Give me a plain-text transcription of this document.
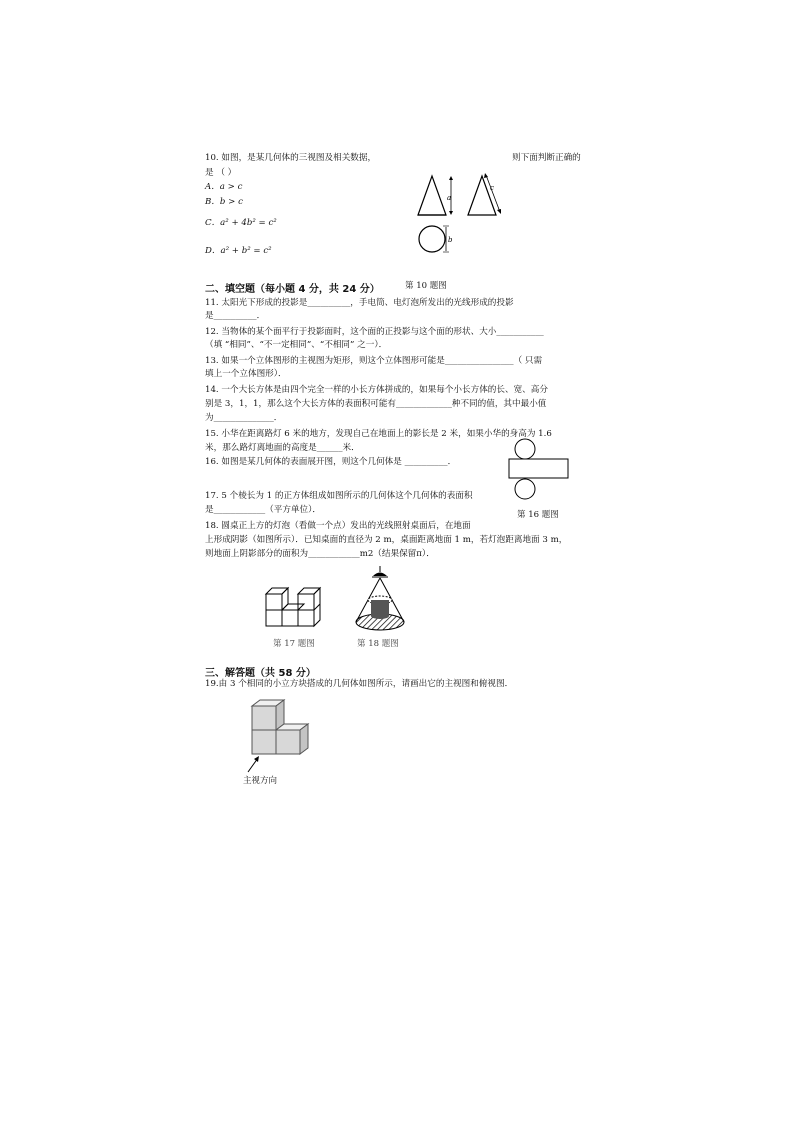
10. 如图，是某几何体的三视图及相关数据，	则下面判断正确的
是 （ ）
A．a > c
B．b > c
C．a² + 4b² = c²
D．a² + b² = c²
a
c
b
二、填空题（每小题 4 分，共 24 分）	第 10 题图
11. 太阳光下形成的投影是__________，手电筒、电灯泡所发出的光线形成的投影
是__________．
12. 当物体的某个面平行于投影面时，这个面的正投影与这个面的形状、大小___________
（填 “相同”、“不一定相同”、“不相同” 之一）．
13. 如果一个立体图形的主视图为矩形，则这个立体图形可能是________________（ 只需
填上一个立体图形）．
14. 一个大长方体是由四个完全一样的小长方体拼成的，如果每个小长方体的长、宽、高分
别是 3，1，1，那么这个大长方体的表面积可能有_____________种不同的值，其中最小值
为______________．
15. 小华在距离路灯 6 米的地方，发现自己在地面上的影长是 2 米，如果小华的身高为 1.6
米，那么路灯离地面的高度是______米．
16. 如图是某几何体的表面展开图，则这个几何体是 __________．
第 16 题图
17. 5 个棱长为 1 的正方体组成如图所示的几何体这个几何体的表面积
是____________（平方单位）．
18. 圆桌正上方的灯泡（看做一个点）发出的光线照射桌面后，在地面
上形成阴影（如图所示）．已知桌面的直径为 2 m，桌面距离地面 1 m，若灯泡距离地面 3 m，
则地面上阴影部分的面积为____________m2（结果保留π）．
第 17 题图	第 18 题图
三、解答题（共 58 分）
19.由 3 个相同的小立方块搭成的几何体如图所示，请画出它的主视图和俯视图．
主视方向
